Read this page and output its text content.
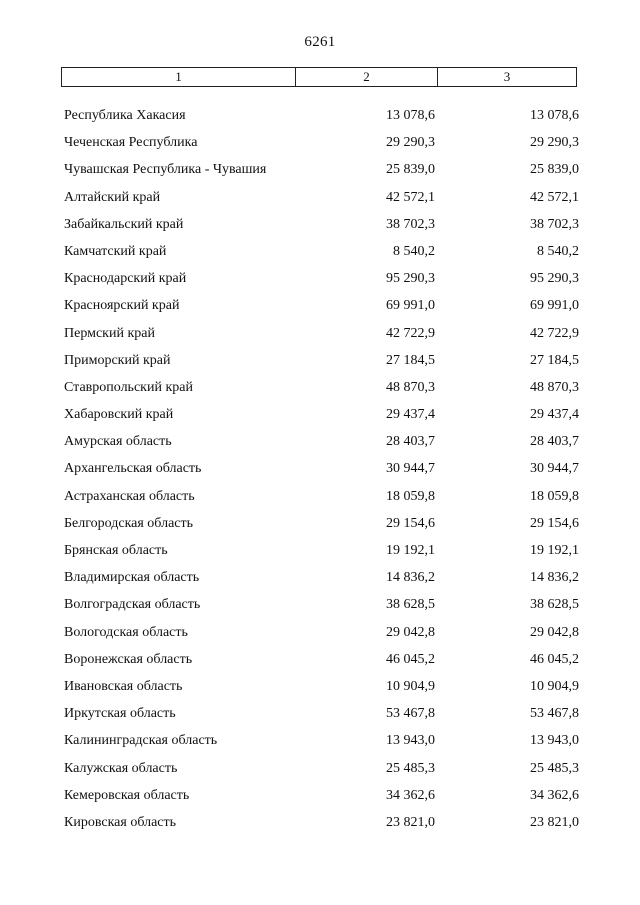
6261
1	2	3
Республика Хакасия	13 078,6	13 078,6
Чеченская Республика	29 290,3	29 290,3
Чувашская Республика - Чувашия	25 839,0	25 839,0
Алтайский край	42 572,1	42 572,1
Забайкальский край	38 702,3	38 702,3
Камчатский край	8 540,2	8 540,2
Краснодарский край	95 290,3	95 290,3
Красноярский край	69 991,0	69 991,0
Пермский край	42 722,9	42 722,9
Приморский край	27 184,5	27 184,5
Ставропольский край	48 870,3	48 870,3
Хабаровский край	29 437,4	29 437,4
Амурская область	28 403,7	28 403,7
Архангельская область	30 944,7	30 944,7
Астраханская область	18 059,8	18 059,8
Белгородская область	29 154,6	29 154,6
Брянская область	19 192,1	19 192,1
Владимирская область	14 836,2	14 836,2
Волгоградская область	38 628,5	38 628,5
Вологодская область	29 042,8	29 042,8
Воронежская область	46 045,2	46 045,2
Ивановская область	10 904,9	10 904,9
Иркутская область	53 467,8	53 467,8
Калининградская область	13 943,0	13 943,0
Калужская область	25 485,3	25 485,3
Кемеровская область	34 362,6	34 362,6
Кировская область	23 821,0	23 821,0
